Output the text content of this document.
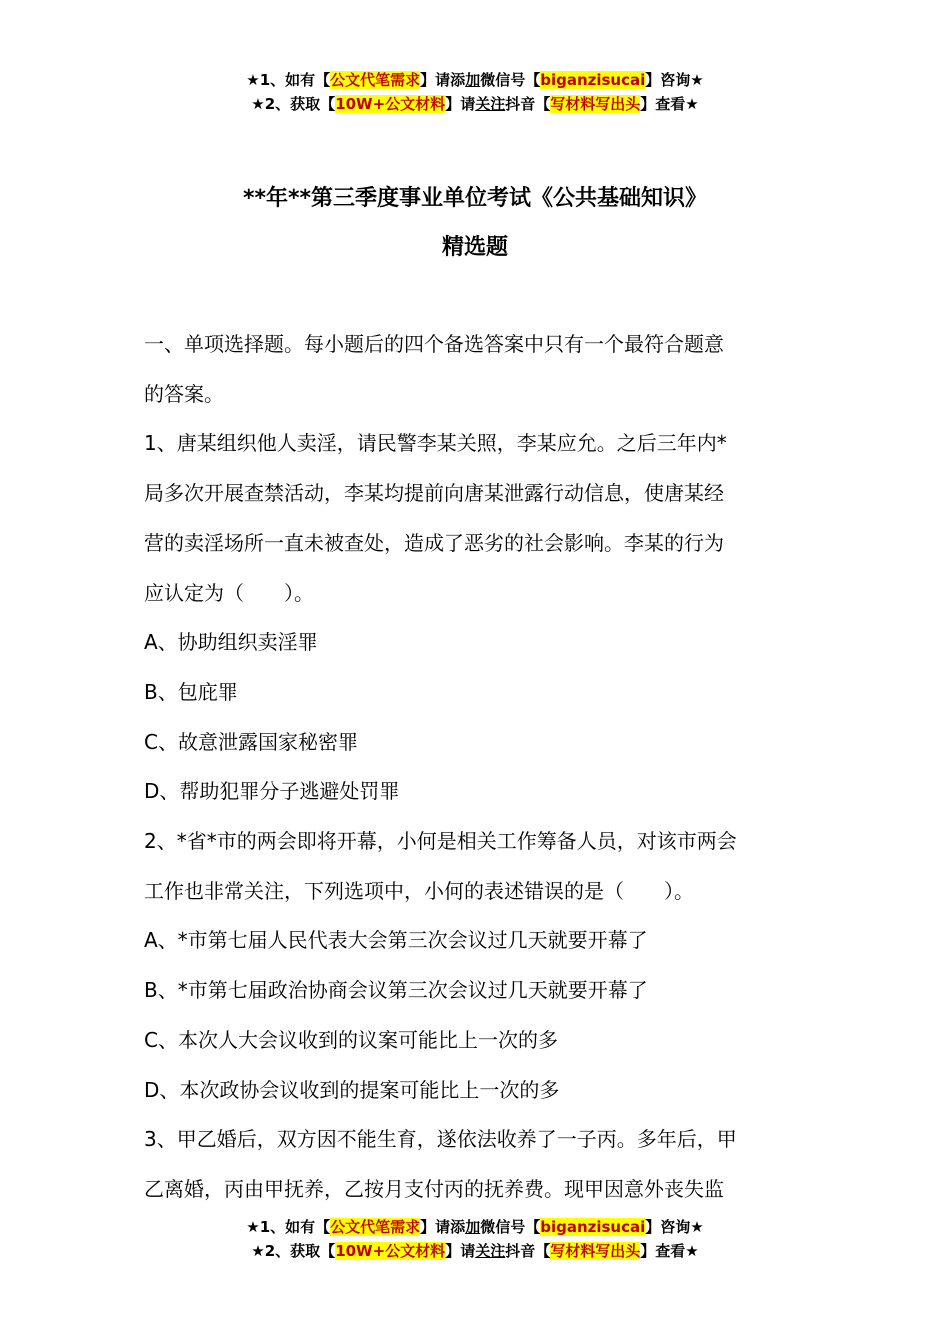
★1、如有【公文代笔需求】请添加微信号【biganzisucai】咨询★
★2、获取【10W+公文材料】请关注抖音【写材料写出头】查看★
**年**第三季度事业单位考试《公共基础知识》
精选题
一、单项选择题。每小题后的四个备选答案中只有一个最符合题意
的答案。
1、唐某组织他人卖淫，请民警李某关照，李某应允。之后三年内*
局多次开展查禁活动，李某均提前向唐某泄露行动信息，使唐某经
营的卖淫场所一直未被查处，造成了恶劣的社会影响。李某的行为
应认定为（　　）。
A、协助组织卖淫罪
B、包庇罪
C、故意泄露国家秘密罪
D、帮助犯罪分子逃避处罚罪
2、*省*市的两会即将开幕，小何是相关工作筹备人员，对该市两会
工作也非常关注，下列选项中，小何的表述错误的是（　　）。
A、*市第七届人民代表大会第三次会议过几天就要开幕了
B、*市第七届政治协商会议第三次会议过几天就要开幕了
C、本次人大会议收到的议案可能比上一次的多
D、本次政协会议收到的提案可能比上一次的多
3、甲乙婚后，双方因不能生育，遂依法收养了一子丙。多年后，甲
乙离婚，丙由甲抚养，乙按月支付丙的抚养费。现甲因意外丧失监
★1、如有【公文代笔需求】请添加微信号【biganzisucai】咨询★
★2、获取【10W+公文材料】请关注抖音【写材料写出头】查看★
